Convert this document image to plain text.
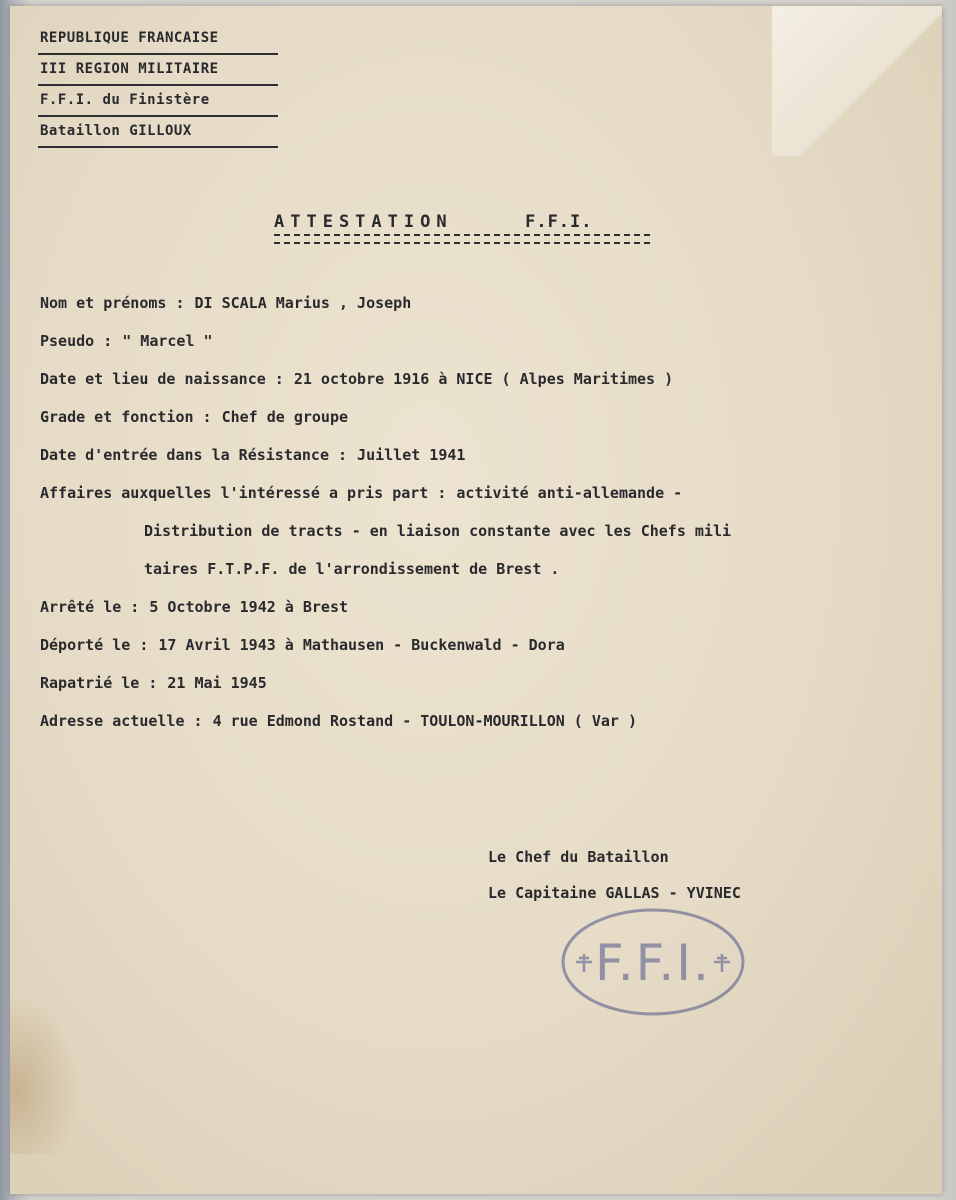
REPUBLIQUE FRANCAISE
III REGION MILITAIRE
F.F.I. du Finistère
Bataillon GILLOUX
ATTESTATION	F.F.I.
Nom et prénoms : DI SCALA Marius , Joseph
Pseudo : " Marcel "
Date et lieu de naissance : 21 octobre 1916 à NICE ( Alpes Maritimes )
Grade et fonction : Chef de groupe
Date d'entrée dans la Résistance : Juillet 1941
Affaires auxquelles l'intéressé a pris part : activité anti-allemande -
Distribution de tracts - en liaison constante avec les Chefs mili
taires F.T.P.F. de l'arrondissement de Brest .
Arrêté le : 5 Octobre 1942 à Brest
Déporté le : 17 Avril 1943 à Mathausen - Buckenwald - Dora
Rapatrié le : 21 Mai 1945
Adresse actuelle : 4 rue Edmond Rostand - TOULON-MOURILLON ( Var )
Le Chef du Bataillon
Le Capitaine GALLAS - YVINEC
F.F.I.
